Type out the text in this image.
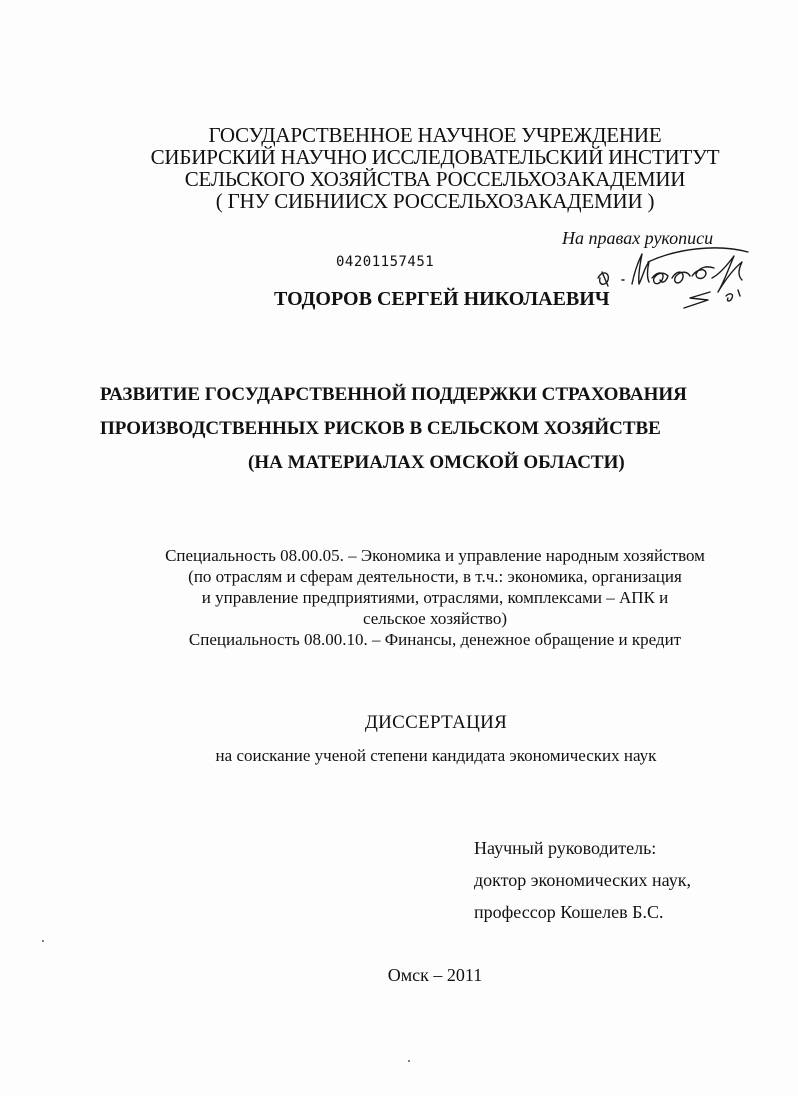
ГОСУДАРСТВЕННОЕ НАУЧНОЕ УЧРЕЖДЕНИЕ
СИБИРСКИЙ НАУЧНО ИССЛЕДОВАТЕЛЬСКИЙ ИНСТИТУТ
СЕЛЬСКОГО ХОЗЯЙСТВА РОССЕЛЬХОЗАКАДЕМИИ
( ГНУ СИБНИИСХ РОССЕЛЬХОЗАКАДЕМИИ )
На правах рукописи
04201157451
ТОДОРОВ СЕРГЕЙ НИКОЛАЕВИЧ
РАЗВИТИЕ ГОСУДАРСТВЕННОЙ ПОДДЕРЖКИ СТРАХОВАНИЯ
ПРОИЗВОДСТВЕННЫХ РИСКОВ В СЕЛЬСКОМ ХОЗЯЙСТВЕ
(НА МАТЕРИАЛАХ ОМСКОЙ ОБЛАСТИ)
Специальность 08.00.05. – Экономика и управление народным хозяйством
(по отраслям и сферам деятельности, в т.ч.: экономика, организация
и управление предприятиями, отраслями, комплексами – АПК и
сельское хозяйство)
Специальность 08.00.10. – Финансы, денежное обращение и кредит
ДИССЕРТАЦИЯ
на соискание ученой степени кандидата экономических наук
Научный руководитель:
доктор экономических наук,
профессор Кошелев Б.С.
Омск – 2011
